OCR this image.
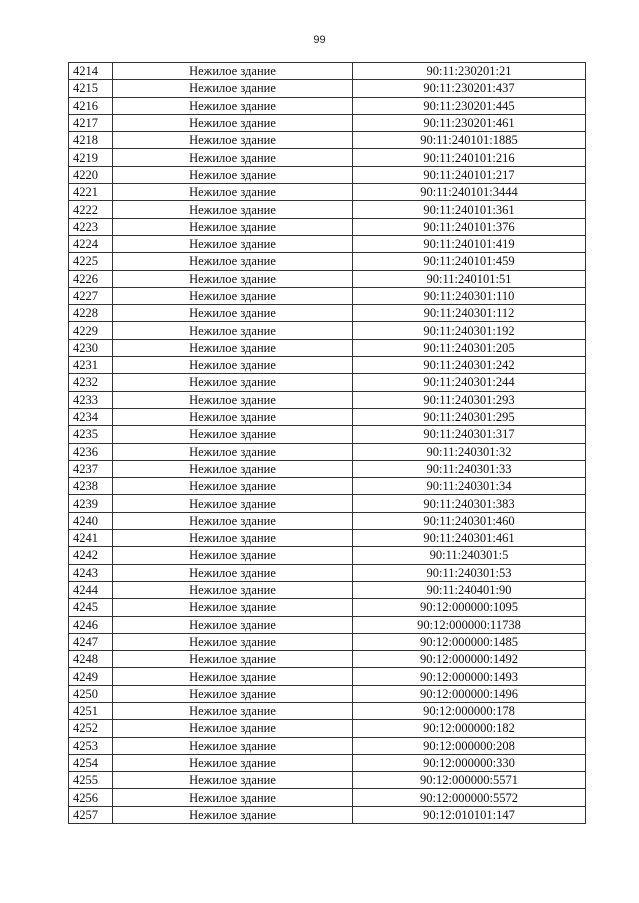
99
4214	Нежилое здание	90:11:230201:21
4215	Нежилое здание	90:11:230201:437
4216	Нежилое здание	90:11:230201:445
4217	Нежилое здание	90:11:230201:461
4218	Нежилое здание	90:11:240101:1885
4219	Нежилое здание	90:11:240101:216
4220	Нежилое здание	90:11:240101:217
4221	Нежилое здание	90:11:240101:3444
4222	Нежилое здание	90:11:240101:361
4223	Нежилое здание	90:11:240101:376
4224	Нежилое здание	90:11:240101:419
4225	Нежилое здание	90:11:240101:459
4226	Нежилое здание	90:11:240101:51
4227	Нежилое здание	90:11:240301:110
4228	Нежилое здание	90:11:240301:112
4229	Нежилое здание	90:11:240301:192
4230	Нежилое здание	90:11:240301:205
4231	Нежилое здание	90:11:240301:242
4232	Нежилое здание	90:11:240301:244
4233	Нежилое здание	90:11:240301:293
4234	Нежилое здание	90:11:240301:295
4235	Нежилое здание	90:11:240301:317
4236	Нежилое здание	90:11:240301:32
4237	Нежилое здание	90:11:240301:33
4238	Нежилое здание	90:11:240301:34
4239	Нежилое здание	90:11:240301:383
4240	Нежилое здание	90:11:240301:460
4241	Нежилое здание	90:11:240301:461
4242	Нежилое здание	90:11:240301:5
4243	Нежилое здание	90:11:240301:53
4244	Нежилое здание	90:11:240401:90
4245	Нежилое здание	90:12:000000:1095
4246	Нежилое здание	90:12:000000:11738
4247	Нежилое здание	90:12:000000:1485
4248	Нежилое здание	90:12:000000:1492
4249	Нежилое здание	90:12:000000:1493
4250	Нежилое здание	90:12:000000:1496
4251	Нежилое здание	90:12:000000:178
4252	Нежилое здание	90:12:000000:182
4253	Нежилое здание	90:12:000000:208
4254	Нежилое здание	90:12:000000:330
4255	Нежилое здание	90:12:000000:5571
4256	Нежилое здание	90:12:000000:5572
4257	Нежилое здание	90:12:010101:147
